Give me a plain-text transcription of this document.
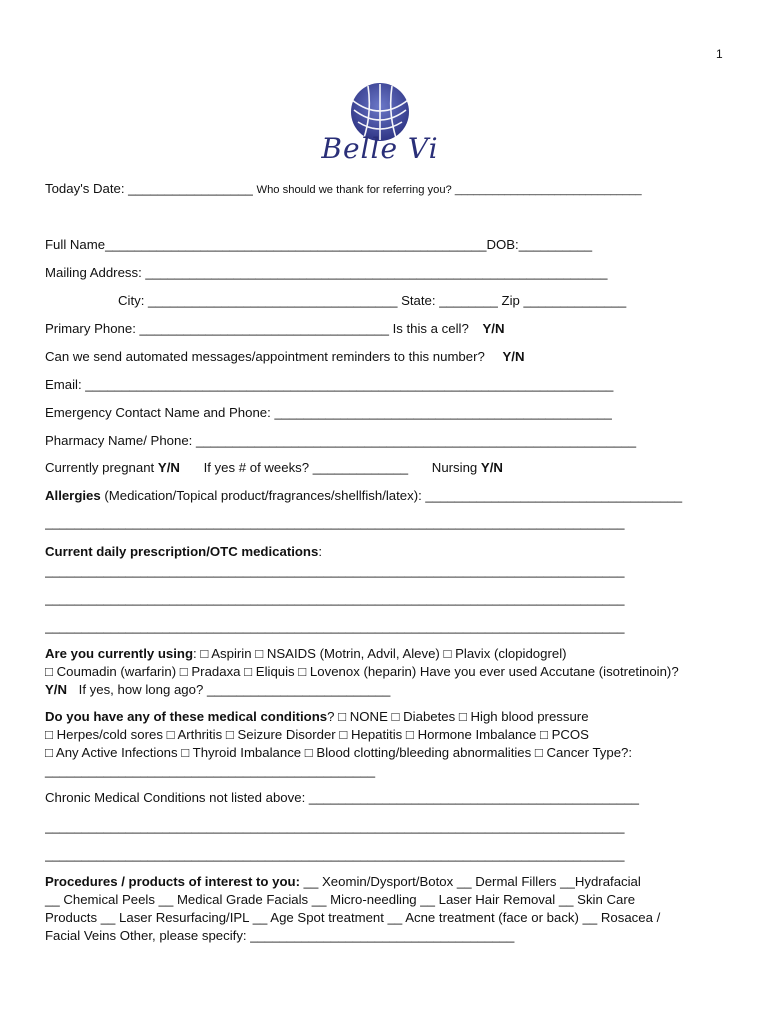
1
Belle Vi
Today's Date: _________________ Who should we thank for referring you? ______________________________
Full Name____________________________________________________DOB:__________
Mailing Address: _______________________________________________________________
City: __________________________________ State: ________ Zip ______________
Primary Phone: __________________________________ Is this a cell? Y/N
Can we send automated messages/appointment reminders to this number? Y/N
Email: ________________________________________________________________________
Emergency Contact Name and Phone: ______________________________________________
Pharmacy Name/ Phone: ____________________________________________________________
Currently pregnant Y/N If yes # of weeks? _____________ Nursing Y/N
Allergies (Medication/Topical product/fragrances/shellfish/latex): ___________________________________
_______________________________________________________________________________
Current daily prescription/OTC medications:
_______________________________________________________________________________
_______________________________________________________________________________
_______________________________________________________________________________
Are you currently using: □ Aspirin □ NSAIDS (Motrin, Advil, Aleve) □ Plavix (clopidogrel)
□ Coumadin (warfarin) □ Pradaxa □ Eliquis □ Lovenox (heparin) Have you ever used Accutane (isotretinoin)?
Y/N If yes, how long ago? _________________________
Do you have any of these medical conditions? □ NONE □ Diabetes □ High blood pressure
□ Herpes/cold sores □ Arthritis □ Seizure Disorder □ Hepatitis □ Hormone Imbalance □ PCOS
□ Any Active Infections □ Thyroid Imbalance □ Blood clotting/bleeding abnormalities □ Cancer Type?:
_____________________________________________
Chronic Medical Conditions not listed above: _____________________________________________
_______________________________________________________________________________
_______________________________________________________________________________
Procedures / products of interest to you: __ Xeomin/Dysport/Botox __ Dermal Fillers __Hydrafacial
__ Chemical Peels __ Medical Grade Facials __ Micro-needling __ Laser Hair Removal __ Skin Care
Products __ Laser Resurfacing/IPL __ Age Spot treatment __ Acne treatment (face or back) __ Rosacea /
Facial Veins Other, please specify: ____________________________________
